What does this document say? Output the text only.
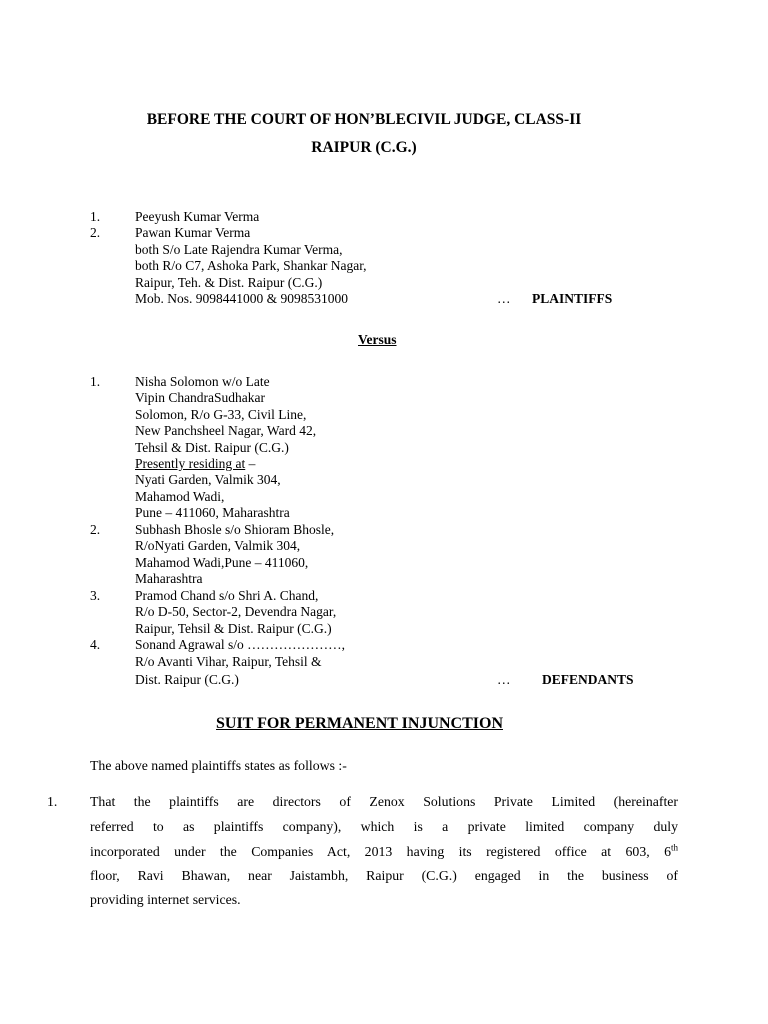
BEFORE THE COURT OF HON’BLECIVIL JUDGE, CLASS-II
RAIPUR (C.G.)
1.	Peeyush Kumar Verma
2.	Pawan Kumar Verma
both S/o Late Rajendra Kumar Verma,
both R/o C7, Ashoka Park, Shankar Nagar,
Raipur, Teh. & Dist. Raipur (C.G.)
Mob. Nos. 9098441000 & 9098531000	… PLAINTIFFS
Versus
1.	Nisha Solomon w/o Late
Vipin ChandraSudhakar
Solomon, R/o G-33, Civil Line,
New Panchsheel Nagar, Ward 42,
Tehsil & Dist. Raipur (C.G.)
Presently residing at –
Nyati Garden, Valmik 304,
Mahamod Wadi,
Pune – 411060, Maharashtra
2.	Subhash Bhosle s/o Shioram Bhosle,
R/oNyati Garden, Valmik 304,
Mahamod Wadi,Pune – 411060,
Maharashtra
3.	Pramod Chand s/o Shri A. Chand,
R/o D-50, Sector-2, Devendra Nagar,
Raipur, Tehsil & Dist. Raipur (C.G.)
4.	Sonand Agrawal s/o …………………,
R/o Avanti Vihar, Raipur, Tehsil &
Dist. Raipur (C.G.)	… DEFENDANTS
SUIT FOR PERMANENT INJUNCTION
The above named plaintiffs states as follows :-
1. That the plaintiffs are directors of Zenox Solutions Private Limited (hereinafter
referred to as plaintiffs company), which is a private limited company duly
incorporated under the Companies Act, 2013 having its registered office at 603, 6th
floor, Ravi Bhawan, near Jaistambh, Raipur (C.G.) engaged in the business of
providing internet services.
